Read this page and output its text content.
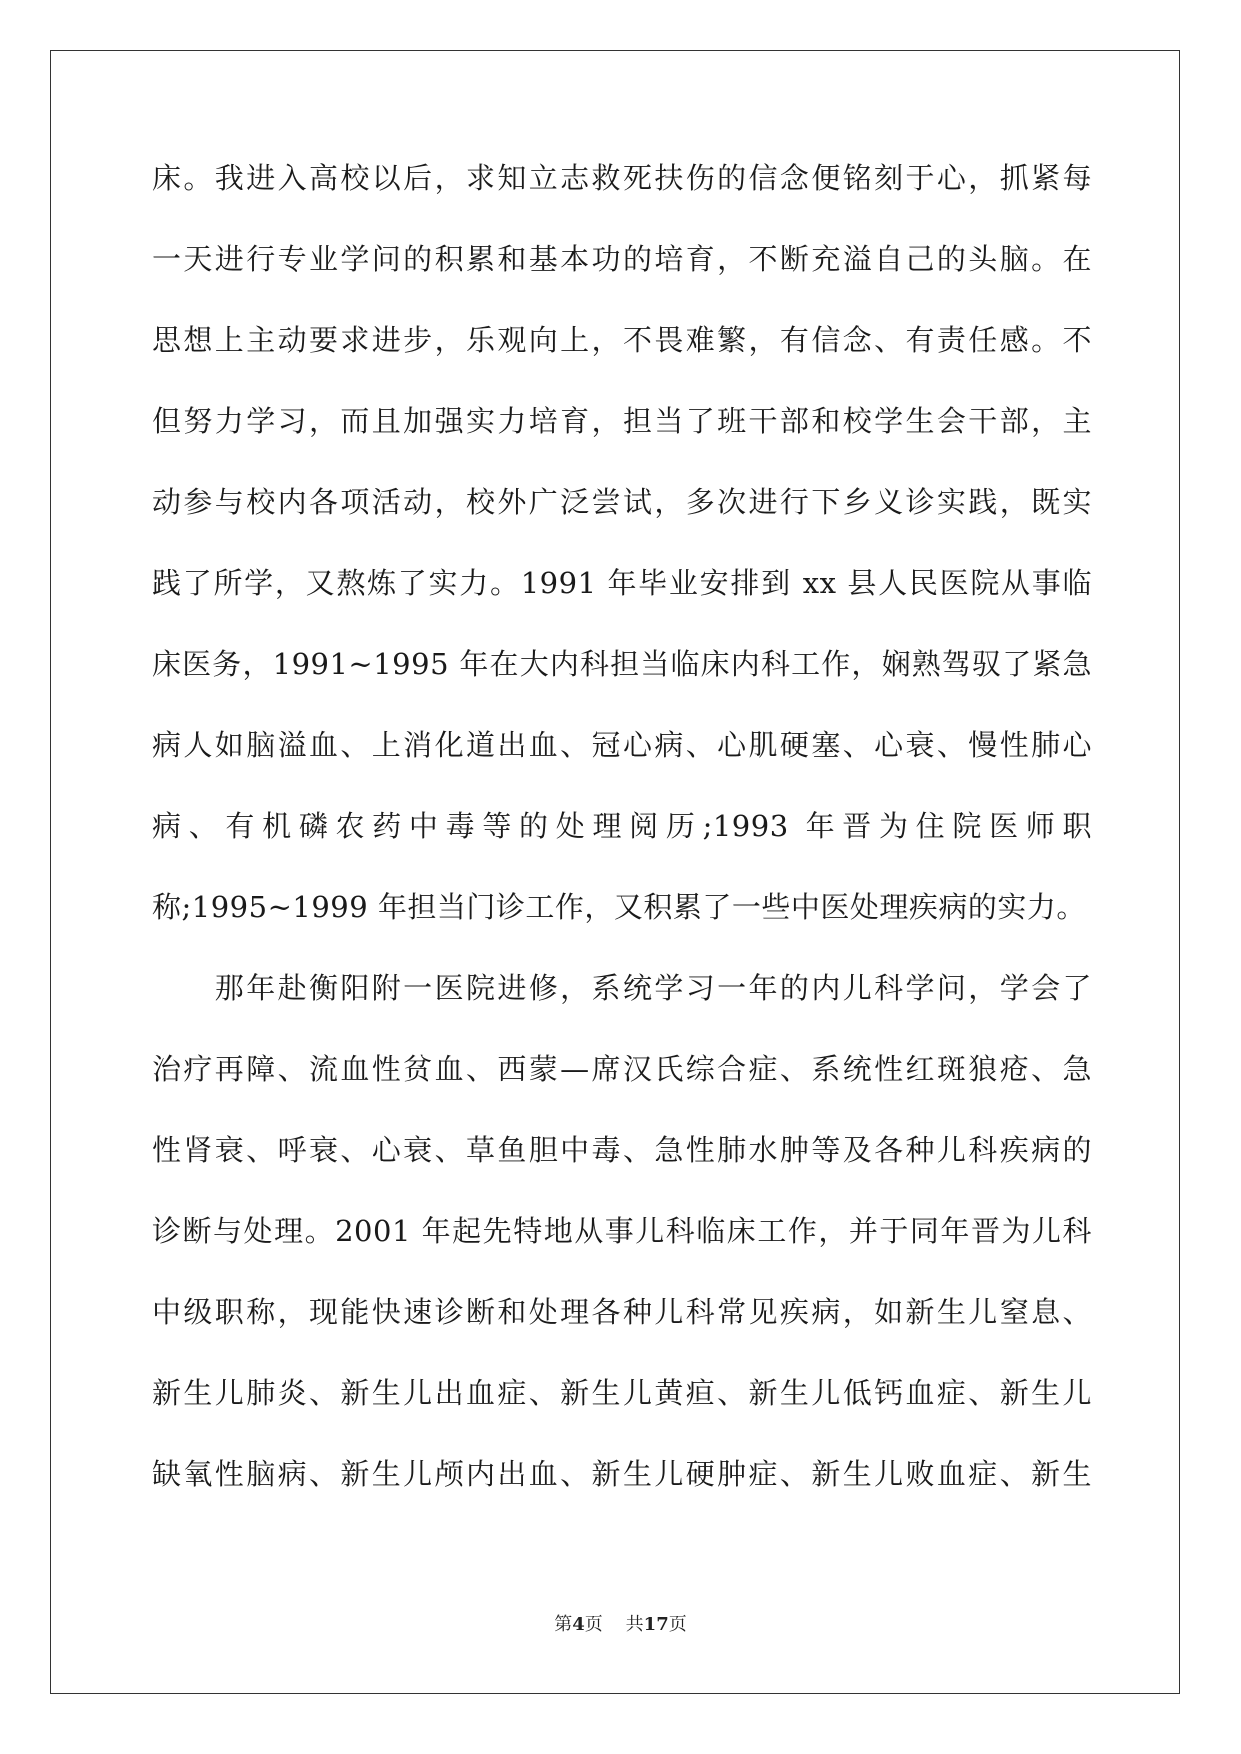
床。我进入高校以后，求知立志救死扶伤的信念便铭刻于心，抓紧每
一天进行专业学问的积累和基本功的培育，不断充溢自己的头脑。在
思想上主动要求进步，乐观向上，不畏难繁，有信念、有责任感。不
但努力学习，而且加强实力培育，担当了班干部和校学生会干部，主
动参与校内各项活动，校外广泛尝试，多次进行下乡义诊实践，既实
践了所学，又熬炼了实力。1991 年毕业安排到 xx 县人民医院从事临
床医务，1991~1995 年在大内科担当临床内科工作，娴熟驾驭了紧急
病人如脑溢血、上消化道出血、冠心病、心肌硬塞、心衰、慢性肺心
病、有机磷农药中毒等的处理阅历;1993 年晋为住院医师职
称;1995~1999 年担当门诊工作，又积累了一些中医处理疾病的实力。
　　那年赴衡阳附一医院进修，系统学习一年的内儿科学问，学会了
治疗再障、流血性贫血、西蒙—席汉氏综合症、系统性红斑狼疮、急
性肾衰、呼衰、心衰、草鱼胆中毒、急性肺水肿等及各种儿科疾病的
诊断与处理。2001 年起先特地从事儿科临床工作，并于同年晋为儿科
中级职称，现能快速诊断和处理各种儿科常见疾病，如新生儿窒息、
新生儿肺炎、新生儿出血症、新生儿黄疸、新生儿低钙血症、新生儿
缺氧性脑病、新生儿颅内出血、新生儿硬肿症、新生儿败血症、新生
第4页 共17页
